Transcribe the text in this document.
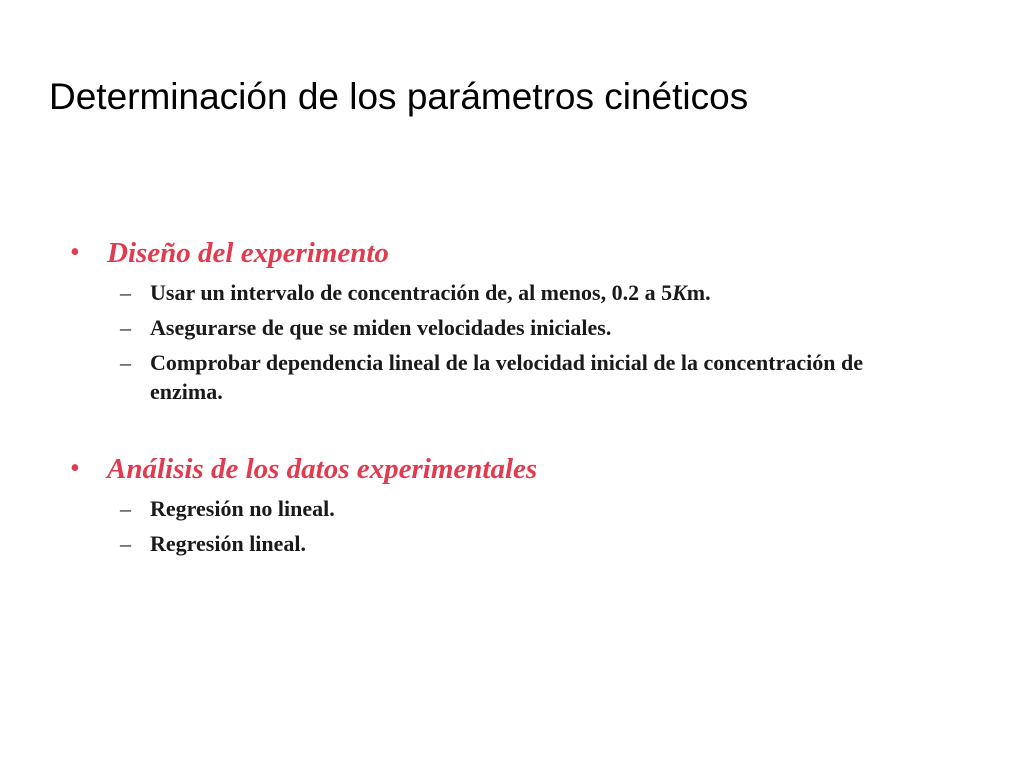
Determinación de los parámetros cinéticos
• Diseño del experimento
– Usar un intervalo de concentración de, al menos, 0.2 a 5Km.
– Asegurarse de que se miden velocidades iniciales.
– Comprobar dependencia lineal de la velocidad inicial de la concentración de enzima.
• Análisis de los datos experimentales
– Regresión no lineal.
– Regresión lineal.
